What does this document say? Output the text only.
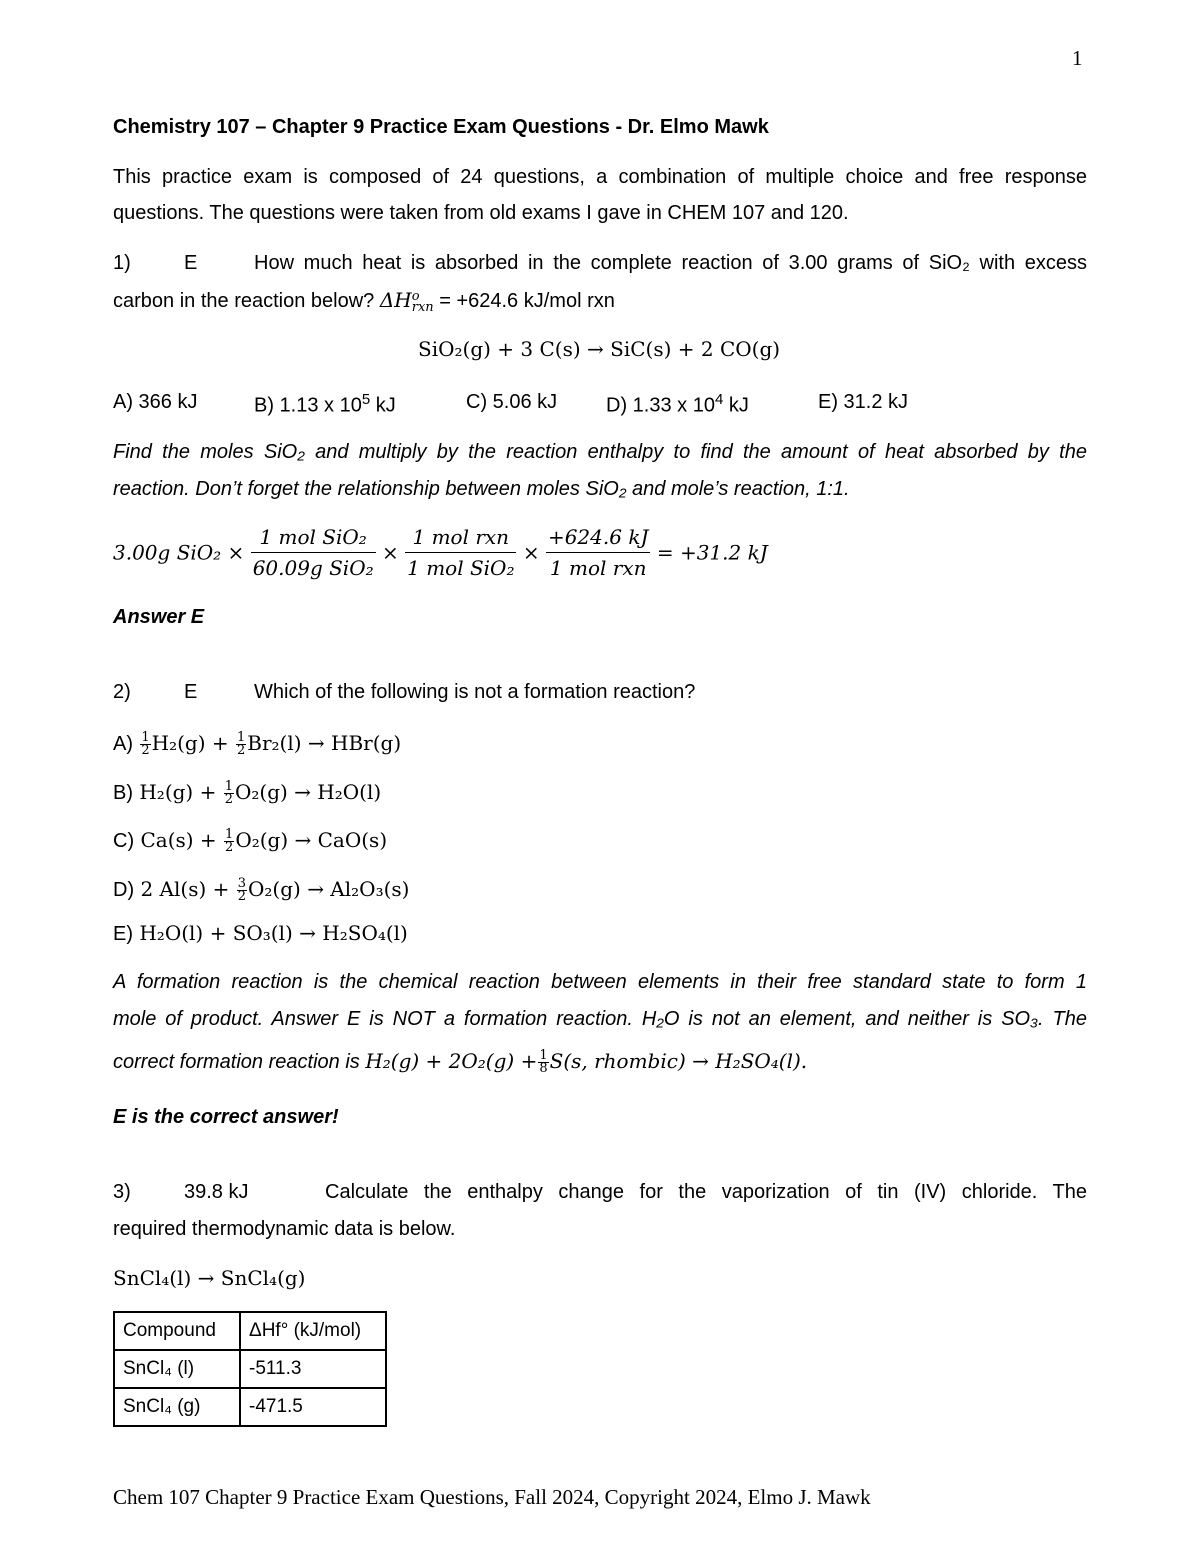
1
Chemistry 107 – Chapter 9 Practice Exam Questions - Dr. Elmo Mawk
This practice exam is composed of 24 questions, a combination of multiple choice and free response
questions. The questions were taken from old exams I gave in CHEM 107 and 120.
1)	E	How much heat is absorbed in the complete reaction of 3.00 grams of SiO₂ with excess
carbon in the reaction below? ΔH o
rxn = +624.6 kJ/mol rxn
SiO₂(g) + 3 C(s) → SiC(s) + 2 CO(g)
A) 366 kJ	B) 1.13 x $10^5$ kJ	C) 5.06 kJ D) 1.33 x $10^4$ kJ	E) 31.2 kJ
Find the moles SiO₂ and multiply by the reaction enthalpy to find the amount of heat absorbed by the
reaction. Don’t forget the relationship between moles SiO₂ and mole’s reaction, 1:1.
3.00g $SiO_2 \times \frac{\text{1 mol SiO₂}}{\text{60.09g SiO₂}} \times \frac{\text{1 mol rxn}}{\text{1 mol SiO₂}} \times \frac{+624.6 kJ}{\text{1 mol rxn}} = +31.2$ kJ
Answer E
2)	E	Which of the following is not a formation reaction?
$A) \frac{1}{2} H_2(g) + \frac{1}{2} Br_2(l) \to HBr(g)$
B) $H_2(g) + \frac{1}{2} O_2(g) \to H_2O(l)$
C) $Ca(s) + \frac{1}{2} O_2(g) \to CaO(s)$
D) 2 $Al(s) + \frac{3}{2} O_2(g) \to Al_2O_3(s)$
E) H₂O(l) + SO₃(l) → H₂SO₄(l)
A formation reaction is the chemical reaction between elements in their free standard state to form 1
mole of product. Answer E is NOT a formation reaction. H₂O is not an element, and neither is SO₃. The
correct formation reaction is $H_2(g) + 2O_2(g) + \frac{1}{8} S(s$, rhombic) → H₂SO₄(l).
E is the correct answer!
3)	39.8 kJ	Calculate the enthalpy change for the vaporization of tin (IV) chloride. The
required thermodynamic data is below.
SnCl₄(l) → SnCl₄(g)
Compound	ΔHf° (kJ/mol)
SnCl₄ (l)	-511.3
SnCl₄ (g)	-471.5
Chem 107 Chapter 9 Practice Exam Questions, Fall 2024, Copyright 2024, Elmo J. Mawk
